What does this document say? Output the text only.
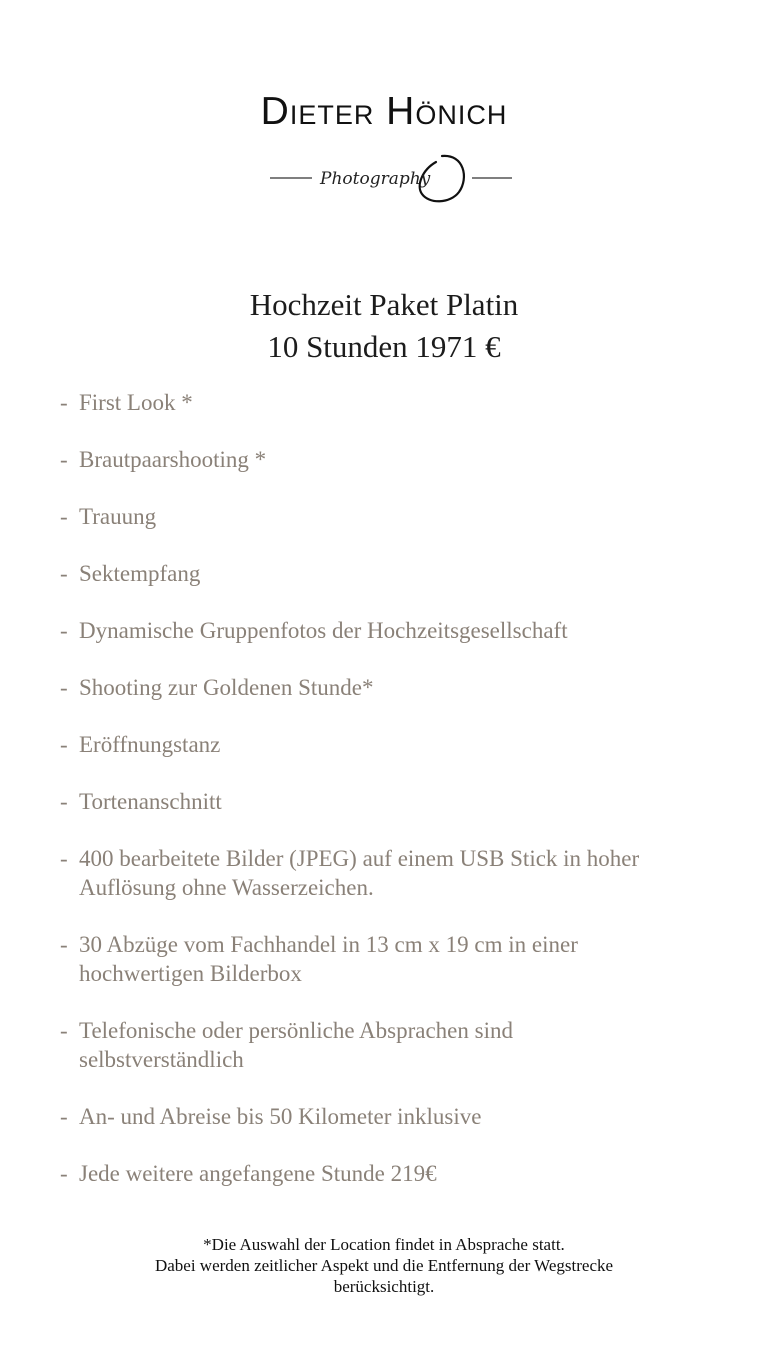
Dieter Hönich
Photography
Hochzeit Paket Platin
10 Stunden 1971 €
- First Look *
- Brautpaarshooting *
- Trauung
- Sektempfang
- Dynamische Gruppenfotos der Hochzeitsgesellschaft
- Shooting zur Goldenen Stunde*
- Eröffnungstanz
- Tortenanschnitt
- 400 bearbeitete Bilder (JPEG) auf einem USB Stick in hoher
Auflösung ohne Wasserzeichen.
- 30 Abzüge vom Fachhandel in 13 cm x 19 cm in einer
hochwertigen Bilderbox
- Telefonische oder persönliche Absprachen sind
selbstverständlich
- An- und Abreise bis 50 Kilometer inklusive
- Jede weitere angefangene Stunde 219€
*Die Auswahl der Location findet in Absprache statt.
Dabei werden zeitlicher Aspekt und die Entfernung der Wegstrecke
berücksichtigt.
